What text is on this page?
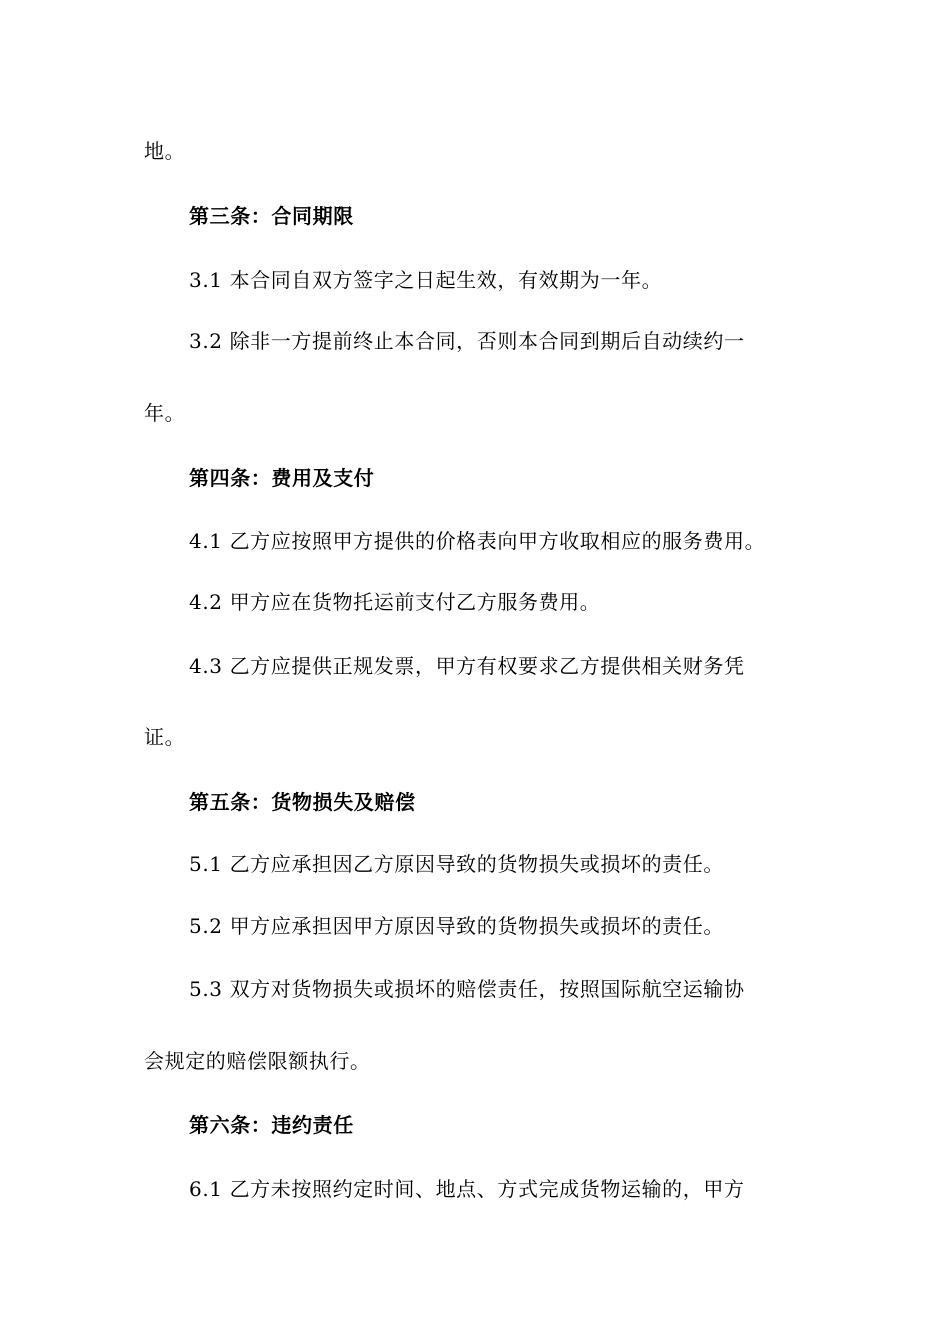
地。
第三条：合同期限
3.1 本合同自双方签字之日起生效，有效期为一年。
3.2 除非一方提前终止本合同，否则本合同到期后自动续约一
年。
第四条：费用及支付
4.1 乙方应按照甲方提供的价格表向甲方收取相应的服务费用。
4.2 甲方应在货物托运前支付乙方服务费用。
4.3 乙方应提供正规发票，甲方有权要求乙方提供相关财务凭
证。
第五条：货物损失及赔偿
5.1 乙方应承担因乙方原因导致的货物损失或损坏的责任。
5.2 甲方应承担因甲方原因导致的货物损失或损坏的责任。
5.3 双方对货物损失或损坏的赔偿责任，按照国际航空运输协
会规定的赔偿限额执行。
第六条：违约责任
6.1 乙方未按照约定时间、地点、方式完成货物运输的，甲方
